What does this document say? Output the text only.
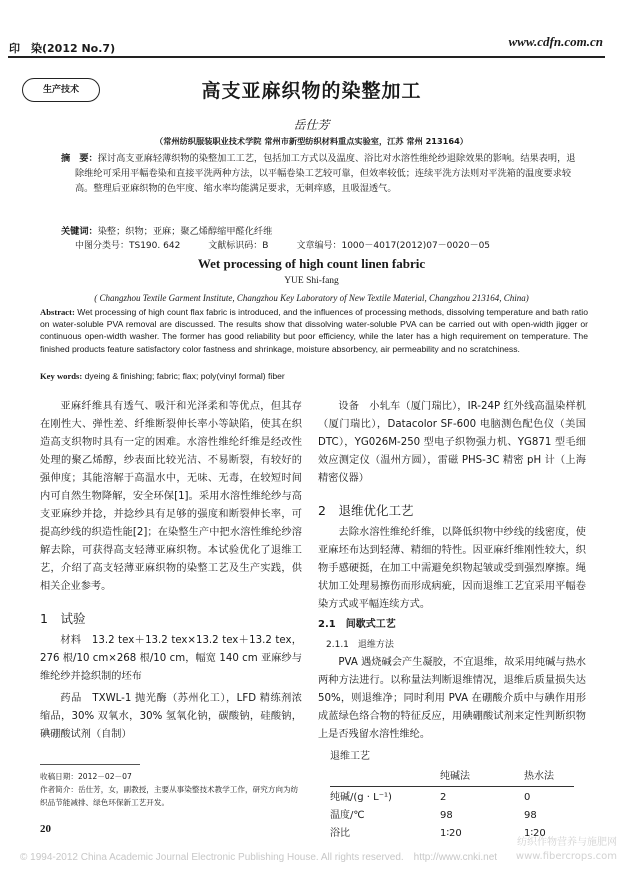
印　染(2012 No.7)	www.cdfn.com.cn
生产技术	高支亚麻织物的染整加工
岳仕芳
（常州纺织服装职业技术学院 常州市新型纺织材料重点实验室，江苏 常州 213164）
摘　要：探讨高支亚麻轻薄织物的染整加工工艺，包括加工方式以及温度、浴比对水溶性维纶纱退除效果的影响。结果表明，退除维纶可采用平幅卷染和直接平洗两种方法，以平幅卷染工艺较可靠，但效率较低；连续平洗方法则对平洗箱的温度要求较高。整理后亚麻织物的色牢度、缩水率均能满足要求，无刺痒感，且吸湿透气。
关键词：染整；织物；亚麻；聚乙烯醇缩甲醛化纤维
中图分类号：TS190. 642	文献标识码：B	文章编号：1000－4017(2012)07－0020－05
Wet processing of high count linen fabric
YUE Shi-fang
( Changzhou Textile Garment Institute, Changzhou Key Laboratory of New Textile Material, Changzhou 213164, China)
Abstract: Wet processing of high count flax fabric is introduced, and the influences of processing methods, dissolving temperature and bath ratio on water-soluble PVA removal are discussed. The results show that dissolving water-soluble PVA can be carried out with open-width jigger or continuous open-width washer. The former has good reliability but poor efficiency, while the later has a high requirement on temperature. The finished products feature satisfactory color fastness and shrinkage, moisture absorbency, air permeability and no scratchiness.
Key words: dyeing & finishing; fabric; flax; poly(vinyl formal) fiber

亚麻纤维具有透气、吸汗和光泽柔和等优点，但其存在刚性大、弹性差、纤维断裂伸长率小等缺陷，使其在织造高支织物时具有一定的困难。水溶性维纶纤维是经改性处理的聚乙烯醇，纱表面比较光洁、不易断裂，有较好的强伸度；其能溶解于高温水中，无味、无毒，在较短时间内可自然生物降解，安全环保[1]。采用水溶性维纶纱与高支亚麻纱并捻，并捻纱具有足够的强度和断裂伸长率，可提高纱线的织造性能[2]；在染整生产中把水溶性维纶纱溶解去除，可获得高支轻薄亚麻织物。本试验优化了退维工艺，介绍了高支轻薄亚麻织物的染整工艺及生产实践，供相关企业参考。

1　试验

材料　13.2 tex＋13.2 tex×13.2 tex＋13.2 tex，276 根/10 cm×268 根/10 cm，幅宽 140 cm 亚麻纱与维纶纱并捻织制的坯布

药品　TXWL-1 抛光酶（苏州化工），LFD 精练剂浓缩品，30% 双氧水，30% 氢氧化钠，碳酸钠，硅酸钠，碘硼酸试剂（自制）

设备　小轧车（厦门瑞比），IR-24P 红外线高温染样机（厦门瑞比），Datacolor SF-600 电脑测色配色仪（美国 DTC），YG026M-250 型电子织物强力机、YG871 型毛细效应测定仪（温州方圆），雷磁 PHS-3C 精密 pH 计（上海精密仪器）

2　退维优化工艺

去除水溶性维纶纤维，以降低织物中纱线的线密度，使亚麻坯布达到轻薄、精细的特性。因亚麻纤维刚性较大，织物手感硬挺，在加工中需避免织物起皱或受到强烈摩擦。绳状加工处理易擦伤而形成病疵，因而退维工艺宜采用平幅卷染方式或平幅连续方式。

2.1　间歇式工艺
2.1.1　退维方法

PVA 遇烧碱会产生凝胶，不宜退维，故采用纯碱与热水两种方法进行。以称量法判断退维情况，退维后质量损失达 50%，则退维净；同时利用 PVA 在硼酸介质中与碘作用形成蓝绿色络合物的特征反应，用碘硼酸试剂来定性判断织物上是否残留水溶性维纶。

退维工艺
	纯碱法	热水法

纯碱/(g · L⁻¹)	2	0
温度/℃	98	98
浴比	1∶20	1∶20
收稿日期：2012－02－07
作者简介：岳仕芳，女，副教授，主要从事染整技术教学工作，研究方向为纺织品节能减排、绿色环保新工艺开发。
20
© 1994-2012 China Academic Journal Electronic Publishing House. All rights reserved.　http://www.cnki.net
纺织作物营养与施肥网
www.fibercrops.com
